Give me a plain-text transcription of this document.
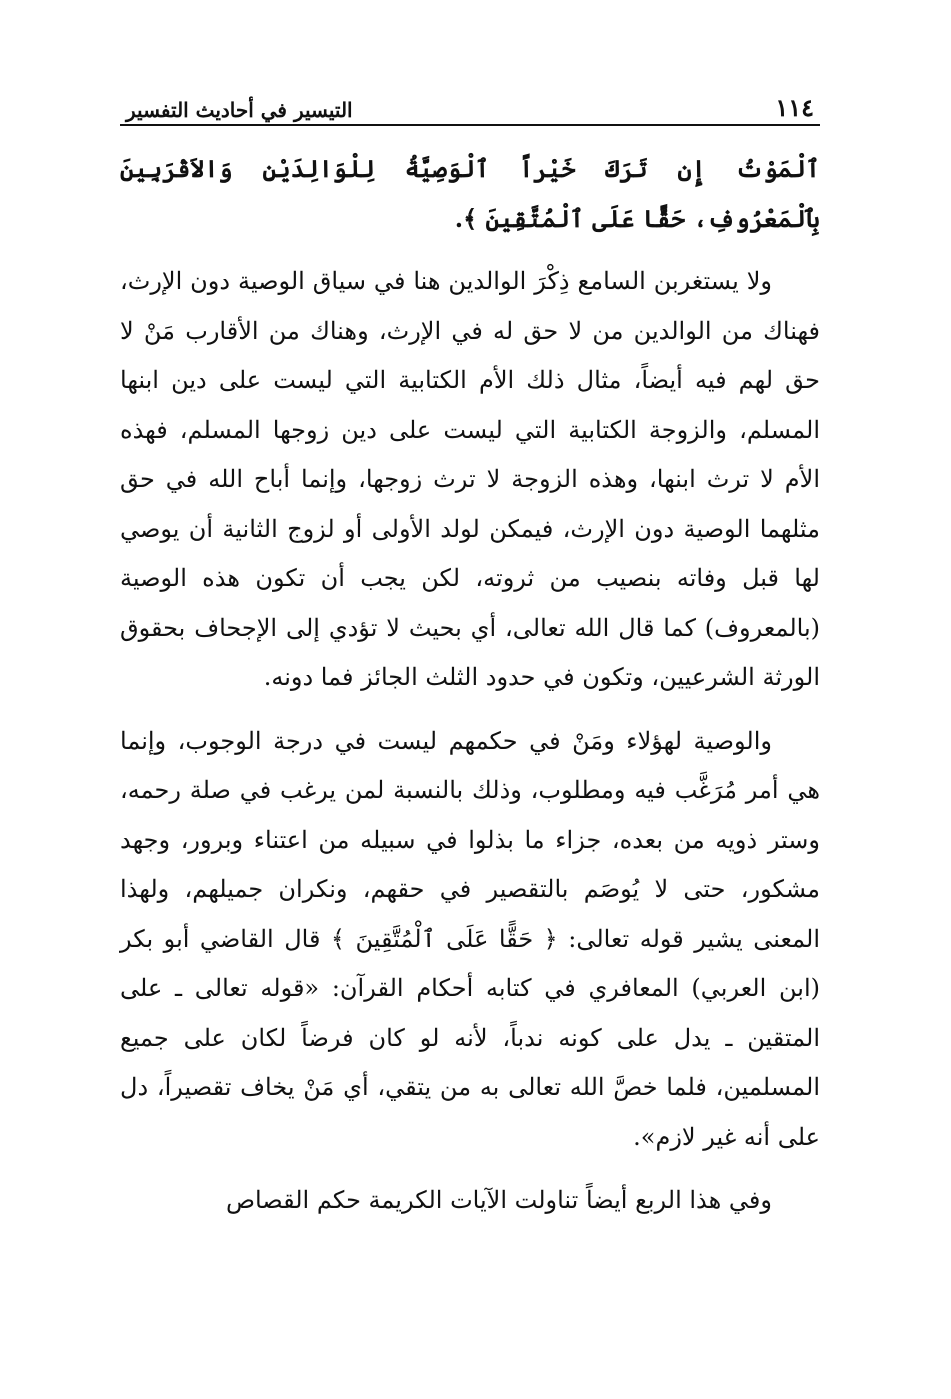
١١٤
التيسير في أحاديث التفسير

ٱلْمَوْتُ إِن تَرَكَ خَيْراً ٱلْوَصِيَّةُ لِلْوَالِدَيْنِ وَالاَقْرَبِينَ بِٱلْمَعْرُوفِ، حَقًّا عَلَى ٱلْمُتَّقِينَ ﴾.

ولا يستغربن السامع ذِكْرَ الوالدين هنا في سياق الوصية دون الإرث، فهناك من الوالدين من لا حق له في الإرث، وهناك من الأقارب مَنْ لا حق لهم فيه أيضاً، مثال ذلك الأم الكتابية التي ليست على دين ابنها المسلم، والزوجة الكتابية التي ليست على دين زوجها المسلم، فهذه الأم لا ترث ابنها، وهذه الزوجة لا ترث زوجها، وإنما أباح الله في حق مثلهما الوصية دون الإرث، فيمكن لولد الأولى أو لزوج الثانية أن يوصي لها قبل وفاته بنصيب من ثروته، لكن يجب أن تكون هذه الوصية (بالمعروف) كما قال الله تعالى، أي بحيث لا تؤدي إلى الإجحاف بحقوق الورثة الشرعيين، وتكون في حدود الثلث الجائز فما دونه.

والوصية لهؤلاء ومَنْ في حكمهم ليست في درجة الوجوب، وإنما هي أمر مُرَغَّب فيه ومطلوب، وذلك بالنسبة لمن يرغب في صلة رحمه، وستر ذويه من بعده، جزاء ما بذلوا في سبيله من اعتناء وبرور، وجهد مشكور، حتى لا يُوصَم بالتقصير في حقهم، ونكران جميلهم، ولهذا المعنى يشير قوله تعالى: ﴿ حَقًّا عَلَى ٱلْمُتَّقِينَ ﴾ قال القاضي أبو بكر (ابن العربي) المعافري في كتابه أحكام القرآن: «قوله تعالى ـ على المتقين ـ يدل على كونه ندباً، لأنه لو كان فرضاً لكان على جميع المسلمين، فلما خصَّ الله تعالى به من يتقي، أي مَنْ يخاف تقصيراً، دل على أنه غير لازم».

وفي هذا الربع أيضاً تناولت الآيات الكريمة حكم القصاص
